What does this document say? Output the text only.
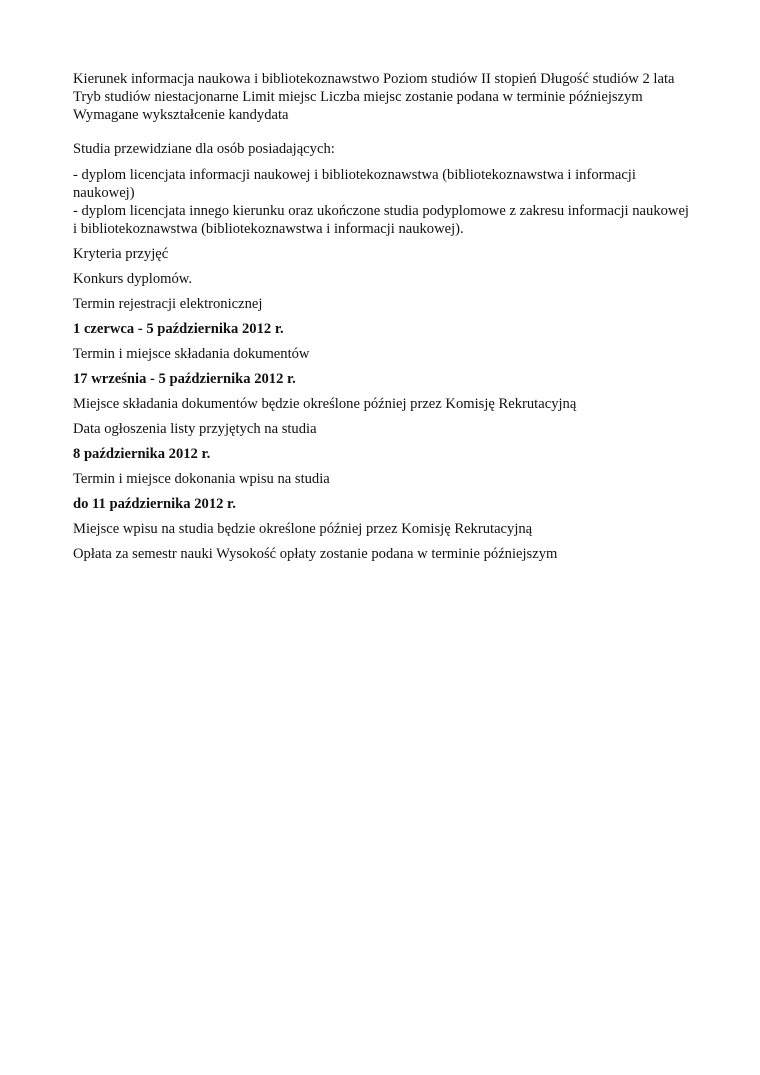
Kierunek informacja naukowa i bibliotekoznawstwo Poziom studiów II stopień Długość studiów 2 lata Tryb studiów niestacjonarne Limit miejsc Liczba miejsc zostanie podana w terminie późniejszym Wymagane wykształcenie kandydata

Studia przewidziane dla osób posiadających:

- dyplom licencjata informacji naukowej i bibliotekoznawstwa (bibliotekoznawstwa i informacji naukowej)
- dyplom licencjata innego kierunku oraz ukończone studia podyplomowe z zakresu informacji naukowej i bibliotekoznawstwa (bibliotekoznawstwa i informacji naukowej).

Kryteria przyjęć

Konkurs dyplomów.

Termin rejestracji elektronicznej

1 czerwca - 5 października 2012 r.

Termin i miejsce składania dokumentów

17 września - 5 października 2012 r.

Miejsce składania dokumentów będzie określone później przez Komisję Rekrutacyjną

Data ogłoszenia listy przyjętych na studia

8 października 2012 r.

Termin i miejsce dokonania wpisu na studia

do 11 października 2012 r.

Miejsce wpisu na studia będzie określone później przez Komisję Rekrutacyjną

Opłata za semestr nauki Wysokość opłaty zostanie podana w terminie późniejszym
